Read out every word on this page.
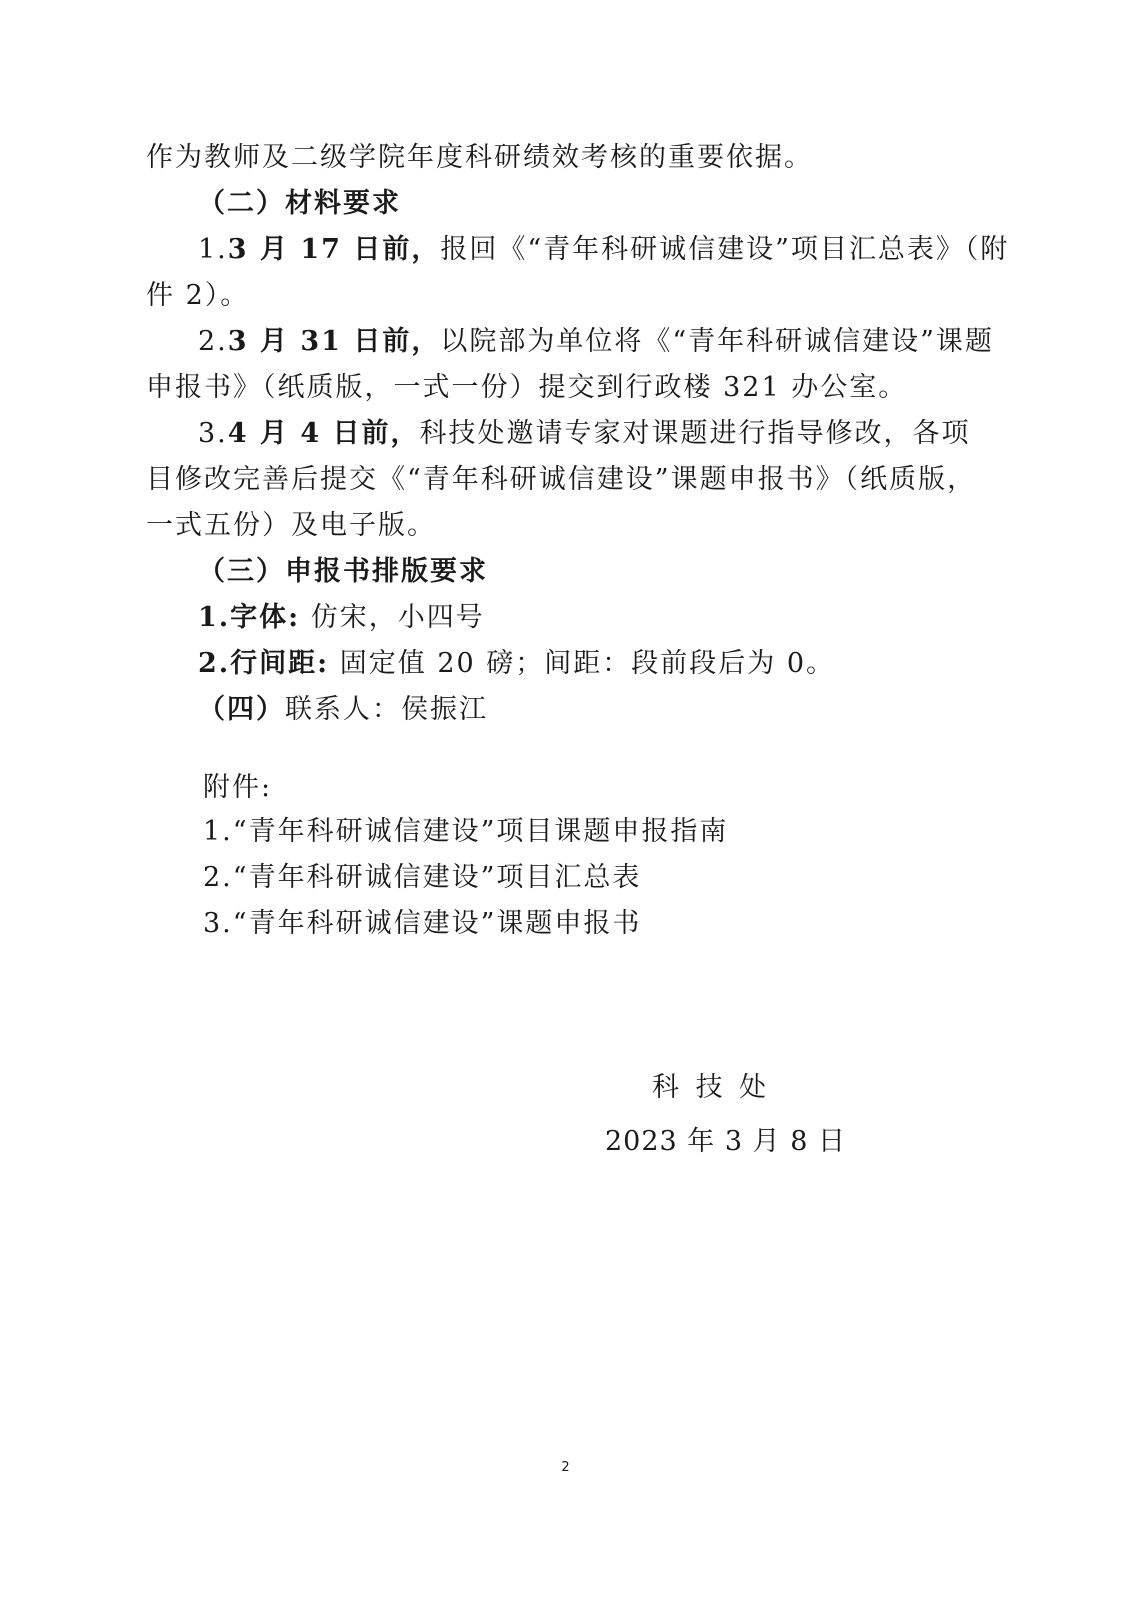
作为教师及二级学院年度科研绩效考核的重要依据。
（二）材料要求
1.3 月 17 日前，报回《“青年科研诚信建设”项目汇总表》（附
件 2）。
2.3 月 31 日前，以院部为单位将《“青年科研诚信建设”课题
申报书》（纸质版，一式一份）提交到行政楼 321 办公室。
3.4 月 4 日前，科技处邀请专家对课题进行指导修改，各项
目修改完善后提交《“青年科研诚信建设”课题申报书》（纸质版，
一式五份）及电子版。
（三）申报书排版要求
1.字体: 仿宋，小四号
2.行间距: 固定值 20 磅；间距：段前段后为 0。
（四）联系人：侯振江
附件:
1.“青年科研诚信建设”项目课题申报指南
2.“青年科研诚信建设”项目汇总表
3.“青年科研诚信建设”课题申报书
科 技 处
2023 年 3 月 8 日
2
